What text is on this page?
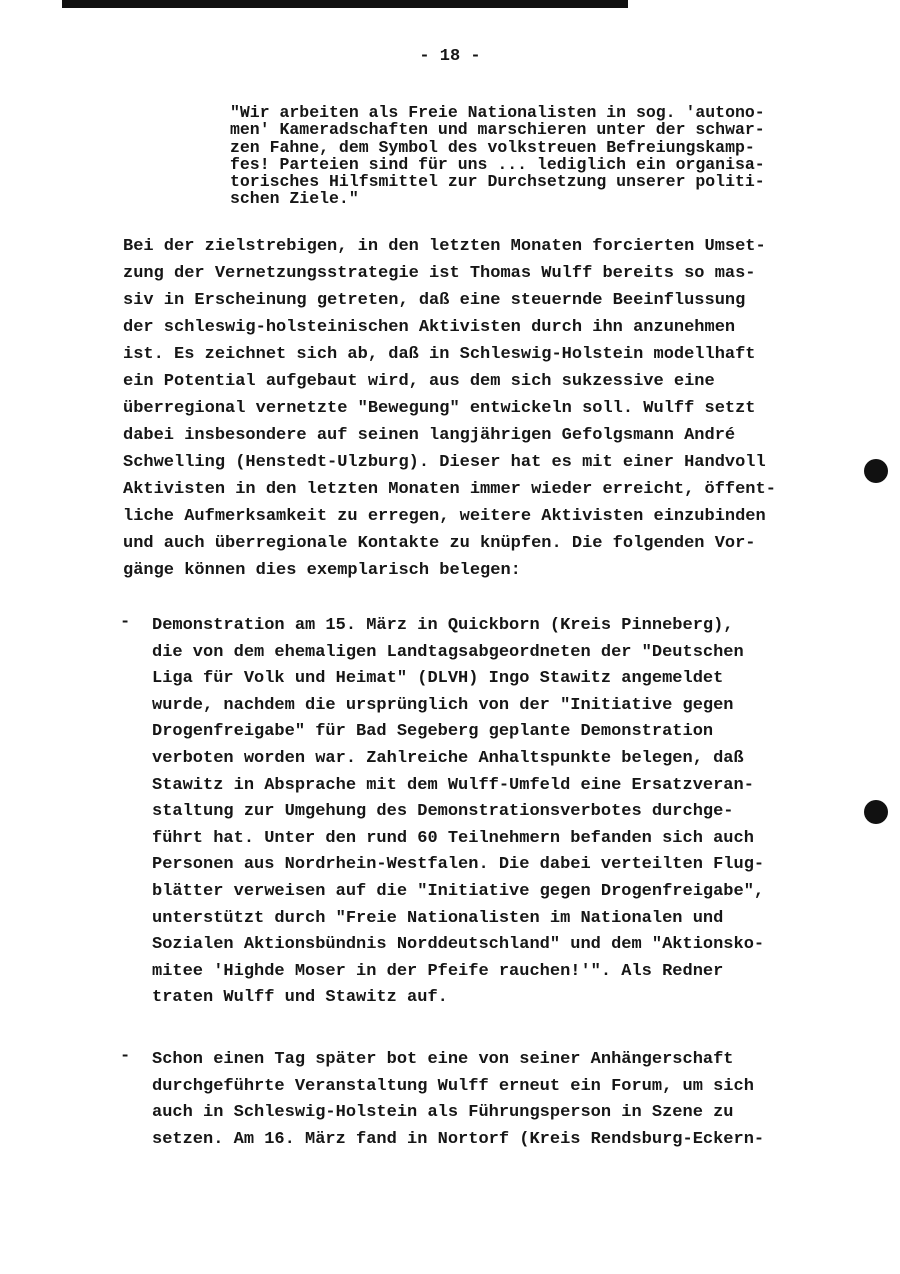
- 18 -
"Wir arbeiten als Freie Nationalisten in sog. 'autono-
men' Kameradschaften und marschieren unter der schwar-
zen Fahne, dem Symbol des volkstreuen Befreiungskamp-
fes! Parteien sind für uns ... lediglich ein organisa-
torisches Hilfsmittel zur Durchsetzung unserer politi-
schen Ziele."
Bei der zielstrebigen, in den letzten Monaten forcierten Umset-
zung der Vernetzungsstrategie ist Thomas Wulff bereits so mas-
siv in Erscheinung getreten, daß eine steuernde Beeinflussung
der schleswig-holsteinischen Aktivisten durch ihn anzunehmen
ist. Es zeichnet sich ab, daß in Schleswig-Holstein modellhaft
ein Potential aufgebaut wird, aus dem sich sukzessive eine
überregional vernetzte "Bewegung" entwickeln soll. Wulff setzt
dabei insbesondere auf seinen langjährigen Gefolgsmann André
Schwelling (Henstedt-Ulzburg). Dieser hat es mit einer Handvoll
Aktivisten in den letzten Monaten immer wieder erreicht, öffent-
liche Aufmerksamkeit zu erregen, weitere Aktivisten einzubinden
und auch überregionale Kontakte zu knüpfen. Die folgenden Vor-
gänge können dies exemplarisch belegen:
- Demonstration am 15. März in Quickborn (Kreis Pinneberg),
die von dem ehemaligen Landtagsabgeordneten der "Deutschen
Liga für Volk und Heimat" (DLVH) Ingo Stawitz angemeldet
wurde, nachdem die ursprünglich von der "Initiative gegen
Drogenfreigabe" für Bad Segeberg geplante Demonstration
verboten worden war. Zahlreiche Anhaltspunkte belegen, daß
Stawitz in Absprache mit dem Wulff-Umfeld eine Ersatzveran-
staltung zur Umgehung des Demonstrationsverbotes durchge-
führt hat. Unter den rund 60 Teilnehmern befanden sich auch
Personen aus Nordrhein-Westfalen. Die dabei verteilten Flug-
blätter verweisen auf die "Initiative gegen Drogenfreigabe",
unterstützt durch "Freie Nationalisten im Nationalen und
Sozialen Aktionsbündnis Norddeutschland" und dem "Aktionsko-
mitee 'Highde Moser in der Pfeife rauchen!'". Als Redner
traten Wulff und Stawitz auf.
- Schon einen Tag später bot eine von seiner Anhängerschaft
durchgeführte Veranstaltung Wulff erneut ein Forum, um sich
auch in Schleswig-Holstein als Führungsperson in Szene zu
setzen. Am 16. März fand in Nortorf (Kreis Rendsburg-Eckern-
